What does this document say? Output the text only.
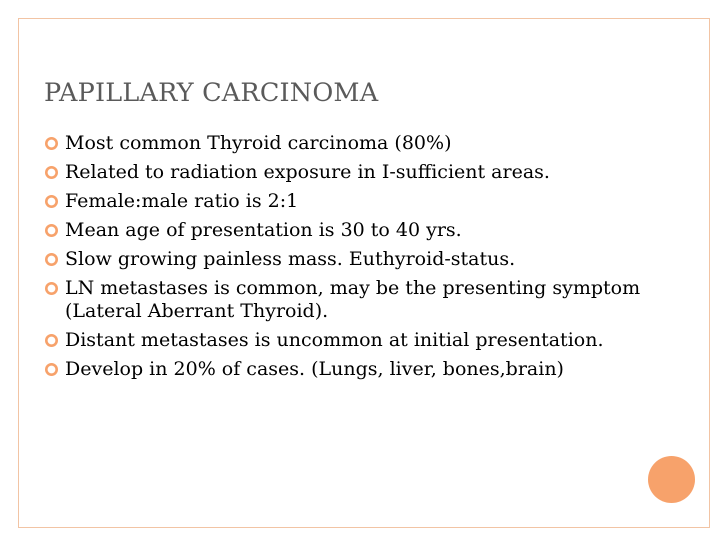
PAPILLARY CARCINOMA
Most common Thyroid carcinoma (80%)
Related to radiation exposure in I-sufficient areas.
Female:male ratio is 2:1
Mean age of presentation is 30 to 40 yrs.
Slow growing painless mass. Euthyroid-status.
LN metastases is common, may be the presenting symptom (Lateral Aberrant Thyroid).
Distant metastases is uncommon at initial presentation.
Develop in 20% of cases. (Lungs, liver, bones,brain)
